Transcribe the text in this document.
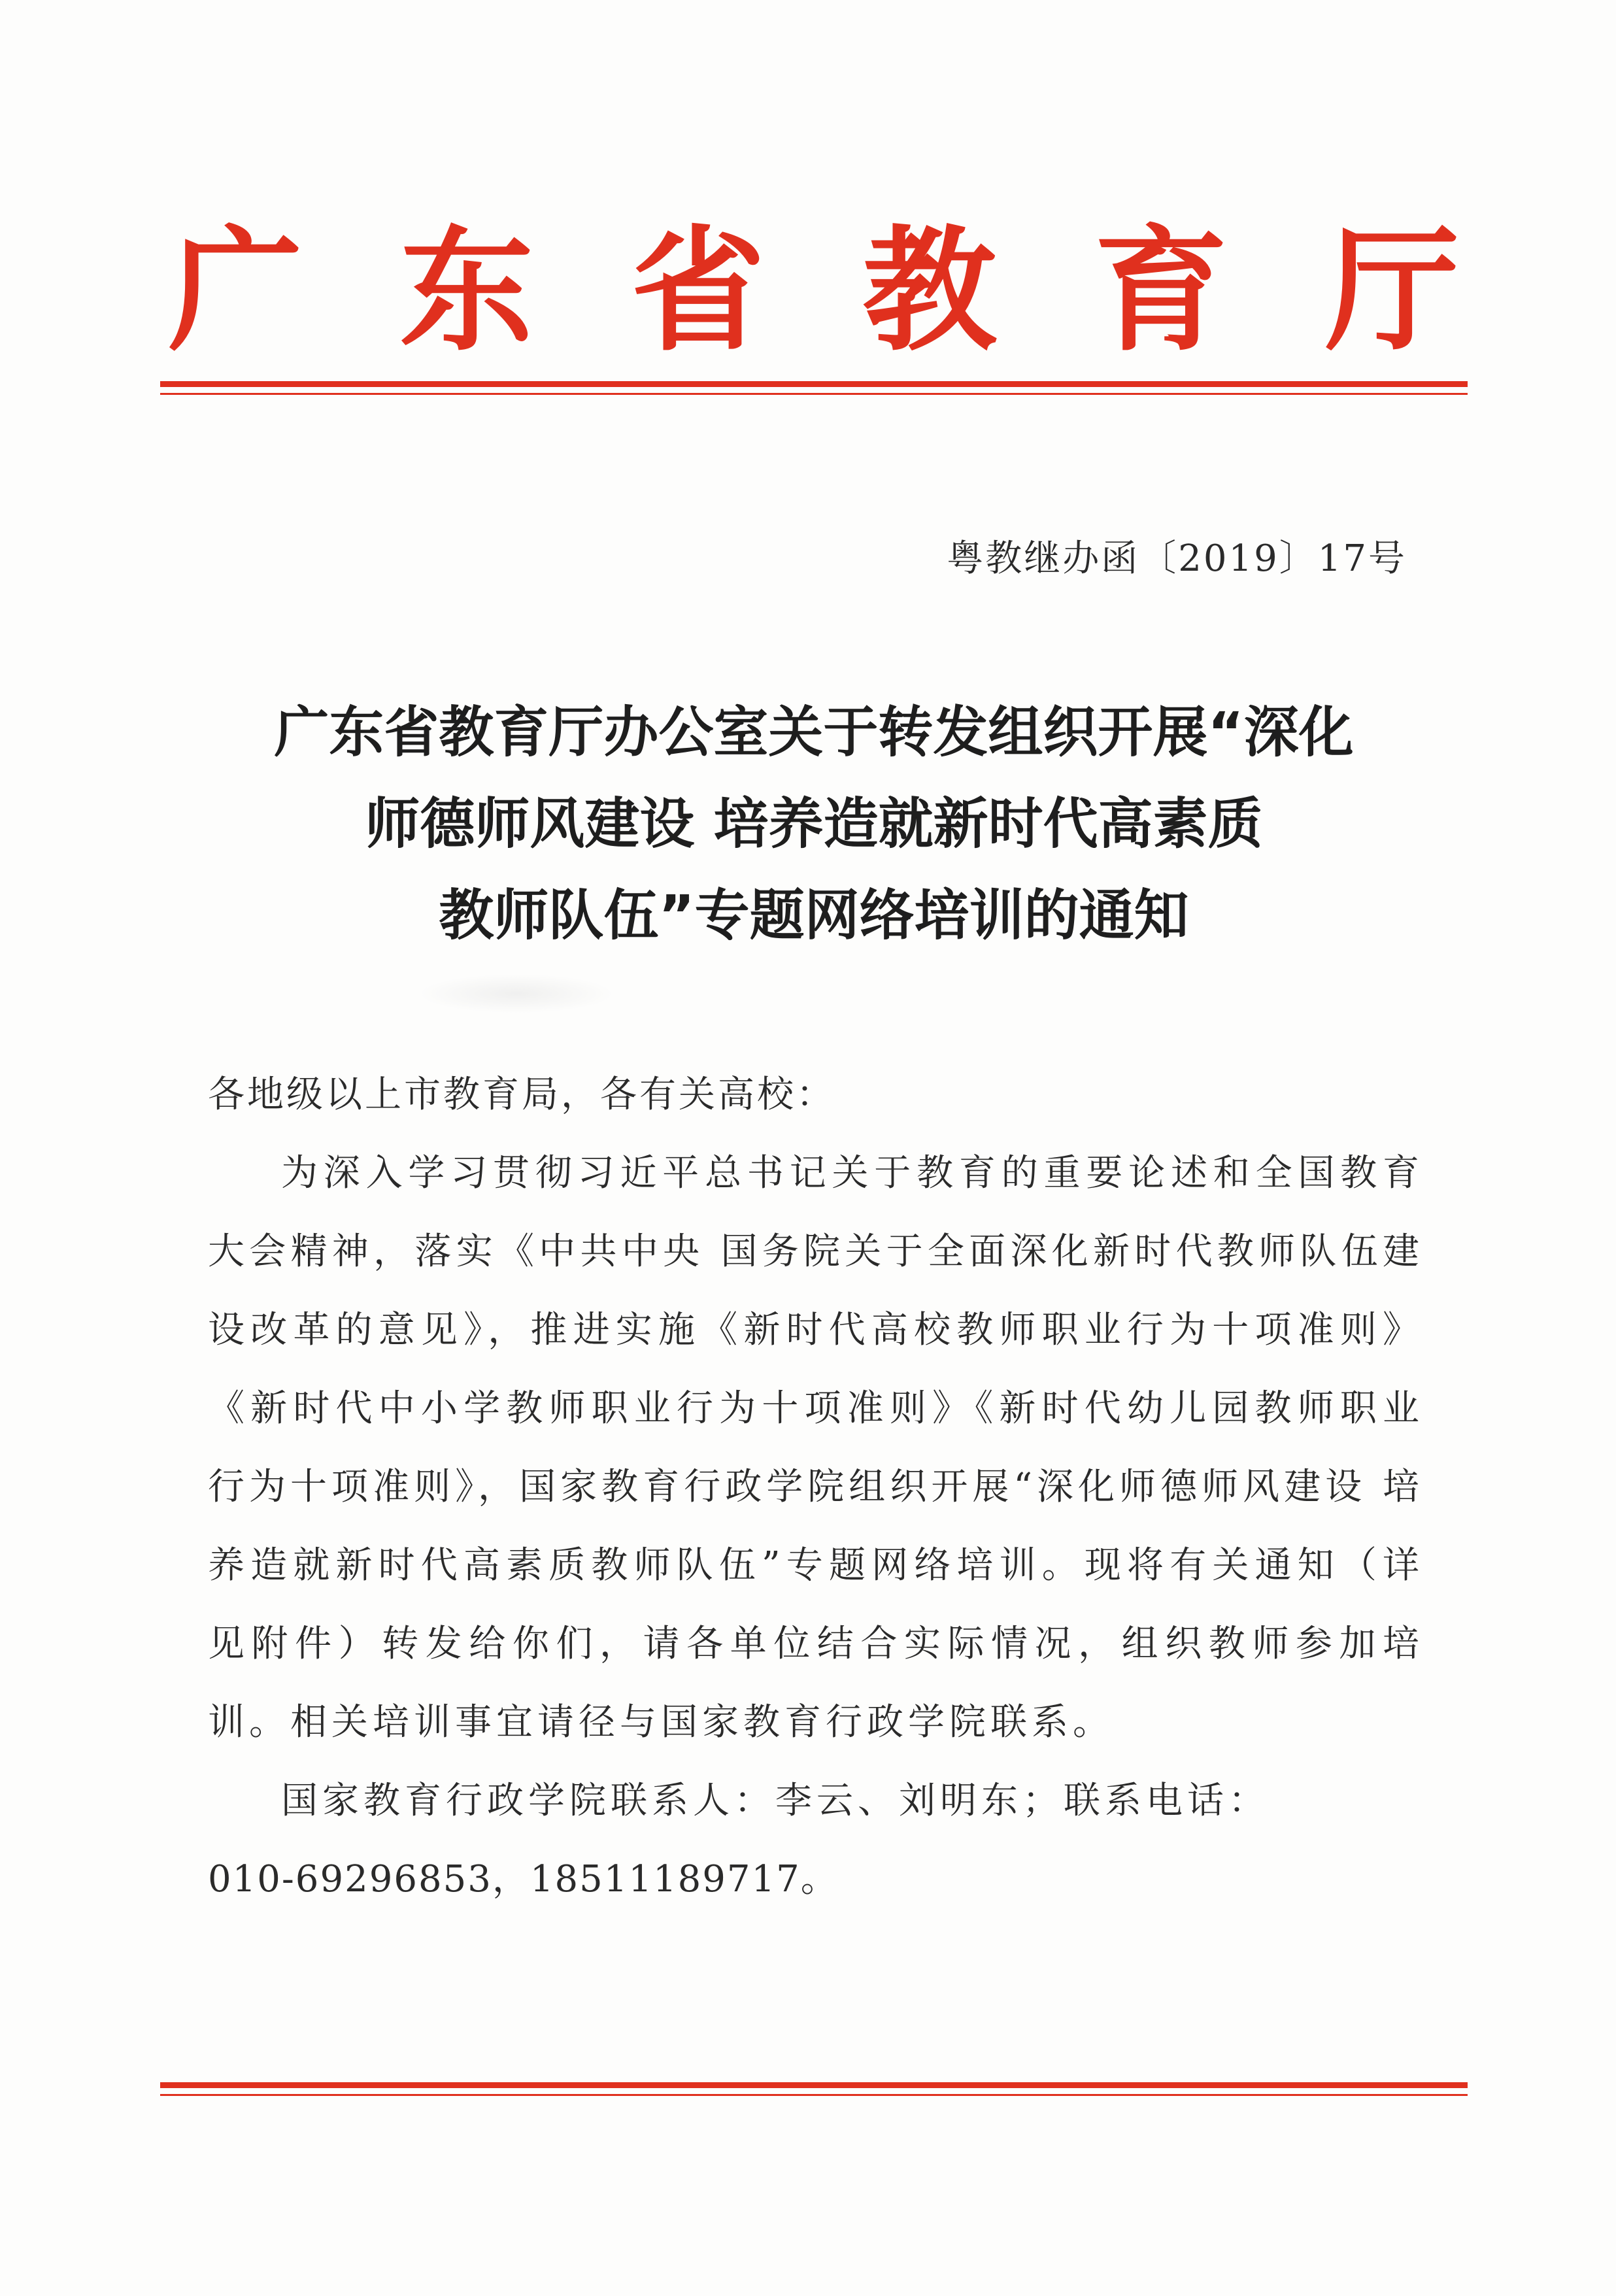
广 东 省 教 育 厅
粤教继办函〔2019〕17号
广东省教育厅办公室关于转发组织开展“深化
师德师风建设 培养造就新时代高素质
教师队伍”专题网络培训的通知
各地级以上市教育局，各有关高校：

为深入学习贯彻习近平总书记关于教育的重要论述和全国教育大会精神，落实《中共中央 国务院关于全面深化新时代教师队伍建设改革的意见》，推进实施《新时代高校教师职业行为十项准则》《新时代中小学教师职业行为十项准则》《新时代幼儿园教师职业行为十项准则》，国家教育行政学院组织开展“深化师德师风建设 培养造就新时代高素质教师队伍”专题网络培训。现将有关通知（详见附件）转发给你们，请各单位结合实际情况，组织教师参加培训。相关培训事宜请径与国家教育行政学院联系。

国家教育行政学院联系人：李云、刘明东；联系电话：

010-69296853，18511189717。
